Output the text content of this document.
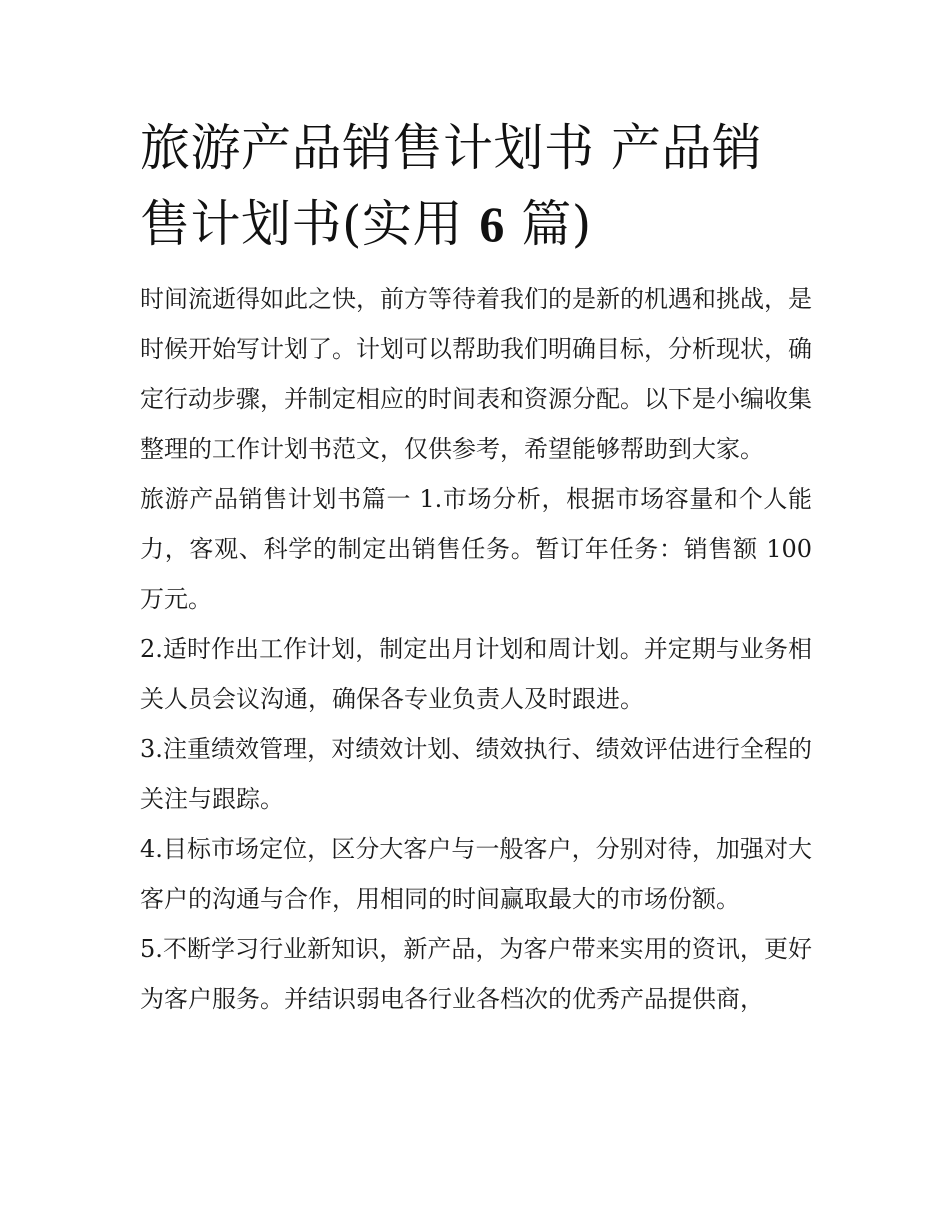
旅游产品销售计划书 产品销售计划书(实用 6 篇)

时间流逝得如此之快，前方等待着我们的是新的机遇和挑战，是时候开始写计划了。计划可以帮助我们明确目标，分析现状，确定行动步骤，并制定相应的时间表和资源分配。以下是小编收集整理的工作计划书范文，仅供参考，希望能够帮助到大家。

旅游产品销售计划书篇一 1.市场分析，根据市场容量和个人能力，客观、科学的制定出销售任务。暂订年任务：销售额 100 万元。

2.适时作出工作计划，制定出月计划和周计划。并定期与业务相关人员会议沟通，确保各专业负责人及时跟进。

3.注重绩效管理，对绩效计划、绩效执行、绩效评估进行全程的关注与跟踪。

4.目标市场定位，区分大客户与一般客户，分别对待，加强对大客户的沟通与合作，用相同的时间赢取最大的市场份额。

5.不断学习行业新知识，新产品，为客户带来实用的资讯，更好为客户服务。并结识弱电各行业各档次的优秀产品提供商，
